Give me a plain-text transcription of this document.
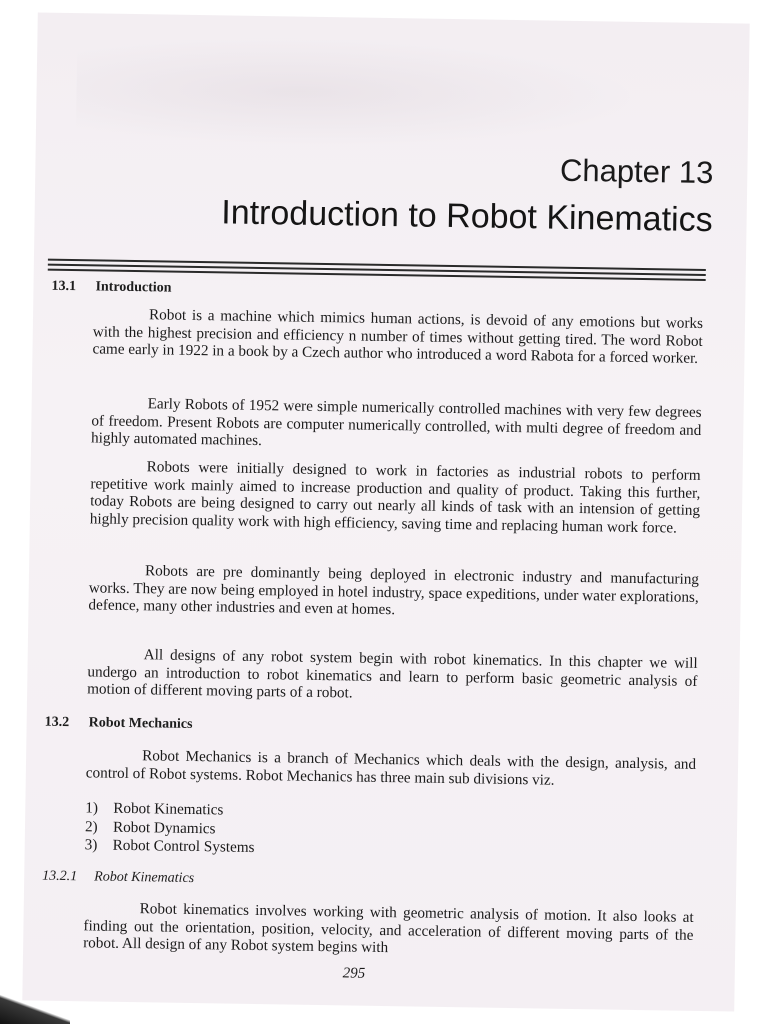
Chapter 13
Introduction to Robot Kinematics
13.1 Introduction

Robot is a machine which mimics human actions, is devoid of any emotions but works with the highest precision and efficiency n number of times without getting tired. The word Robot came early in 1922 in a book by a Czech author who introduced a word Rabota for a forced worker.

Early Robots of 1952 were simple numerically controlled machines with very few degrees of freedom. Present Robots are computer numerically controlled, with multi degree of freedom and highly automated machines.

Robots were initially designed to work in factories as industrial robots to perform repetitive work mainly aimed to increase production and quality of product. Taking this further, today Robots are being designed to carry out nearly all kinds of task with an intension of getting highly precision quality work with high efficiency, saving time and replacing human work force.

Robots are pre dominantly being deployed in electronic industry and manufacturing works. They are now being employed in hotel industry, space expeditions, under water explorations, defence, many other industries and even at homes.

All designs of any robot system begin with robot kinematics. In this chapter we will undergo an introduction to robot kinematics and learn to perform basic geometric analysis of motion of different moving parts of a robot.

13.2 Robot Mechanics

Robot Mechanics is a branch of Mechanics which deals with the design, analysis, and control of Robot systems. Robot Mechanics has three main sub divisions viz.

1) Robot Kinematics
2) Robot Dynamics
3) Robot Control Systems
13.2.1 Robot Kinematics

Robot kinematics involves working with geometric analysis of motion. It also looks at finding out the orientation, position, velocity, and acceleration of different moving parts of the robot. All design of any Robot system begins with

295
